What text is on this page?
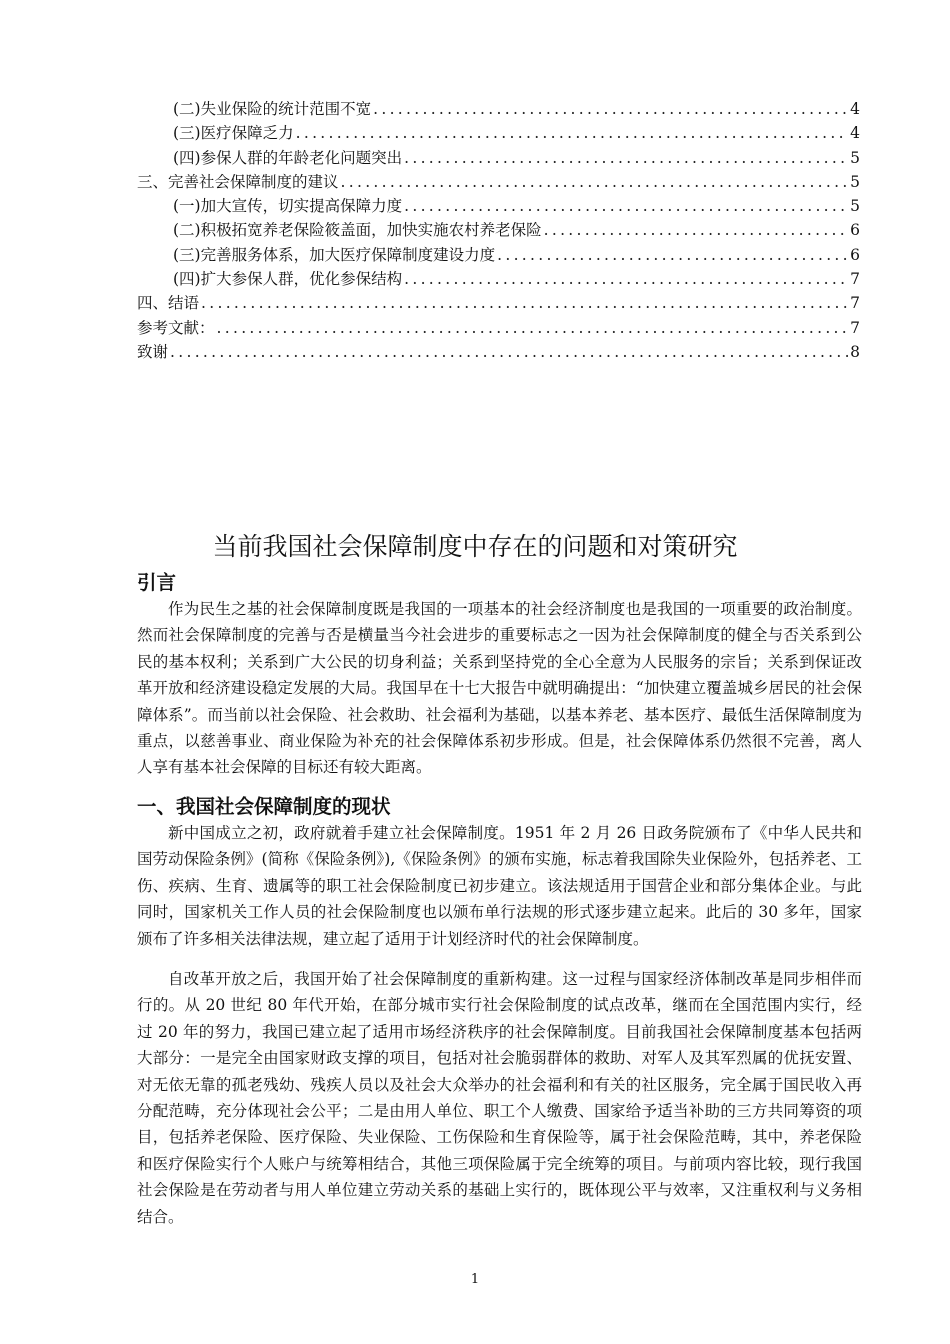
(二)失业保险的统计范围不宽 .....	4
(三)医疗保障乏力 .....	4
(四)参保人群的年龄老化问题突出 .....	5
三、完善社会保障制度的建议 .....	5
(一)加大宣传，切实提高保障力度 .....	5
(二)积极拓宽养老保险筱盖面，加快实施农村养老保险 .....	6
(三)完善服务体系，加大医疗保障制度建设力度 .....	6
(四)扩大参保人群，优化参保结构 .....	7
四、结语 .....	7
参考文献： .....	7
致谢 .....	8
当前我国社会保障制度中存在的问题和对策研究
引言

作为民生之基的社会保障制度既是我国的一项基本的社会经济制度也是我国的一项重要的政治制度。然而社会保障制度的完善与否是横量当今社会进步的重要标志之一因为社会保障制度的健全与否关系到公民的基本权利；关系到广大公民的切身利益；关系到坚持党的全心全意为人民服务的宗旨；关系到保证改革开放和经济建设稳定发展的大局。我国早在十七大报告中就明确提出：“加快建立覆盖城乡居民的社会保障体系”。而当前以社会保险、社会救助、社会福利为基础，以基本养老、基本医疗、最低生活保障制度为重点，以慈善事业、商业保险为补充的社会保障体系初步形成。但是，社会保障体系仍然很不完善，离人人享有基本社会保障的目标还有较大距离。

一、我国社会保障制度的现状

新中国成立之初，政府就着手建立社会保障制度。1951 年 2 月 26 日政务院颁布了《中华人民共和国劳动保险条例》(简称《保险条例》),《保险条例》的颁布实施，标志着我国除失业保险外，包括养老、工伤、疾病、生育、遗属等的职工社会保险制度已初步建立。该法规适用于国营企业和部分集体企业。与此同时，国家机关工作人员的社会保险制度也以颁布单行法规的形式逐步建立起来。此后的 30 多年，国家颁布了许多相关法律法规，建立起了适用于计划经济时代的社会保障制度。

自改革开放之后，我国开始了社会保障制度的重新构建。这一过程与国家经济体制改革是同步相伴而行的。从 20 世纪 80 年代开始，在部分城市实行社会保险制度的试点改革，继而在全国范围内实行，经过 20 年的努力，我国已建立起了适用市场经济秩序的社会保障制度。目前我国社会保障制度基本包括两大部分：一是完全由国家财政支撑的项目，包括对社会脆弱群体的救助、对军人及其军烈属的优抚安置、对无依无靠的孤老残幼、残疾人员以及社会大众举办的社会福利和有关的社区服务，完全属于国民收入再分配范畴，充分体现社会公平；二是由用人单位、职工个人缴费、国家给予适当补助的三方共同筹资的项目，包括养老保险、医疗保险、失业保险、工伤保险和生育保险等，属于社会保险范畴，其中，养老保险和医疗保险实行个人账户与统筹相结合，其他三项保险属于完全统筹的项目。与前项内容比较，现行我国社会保险是在劳动者与用人单位建立劳动关系的基础上实行的，既体现公平与效率，又注重权利与义务相结合。

1
